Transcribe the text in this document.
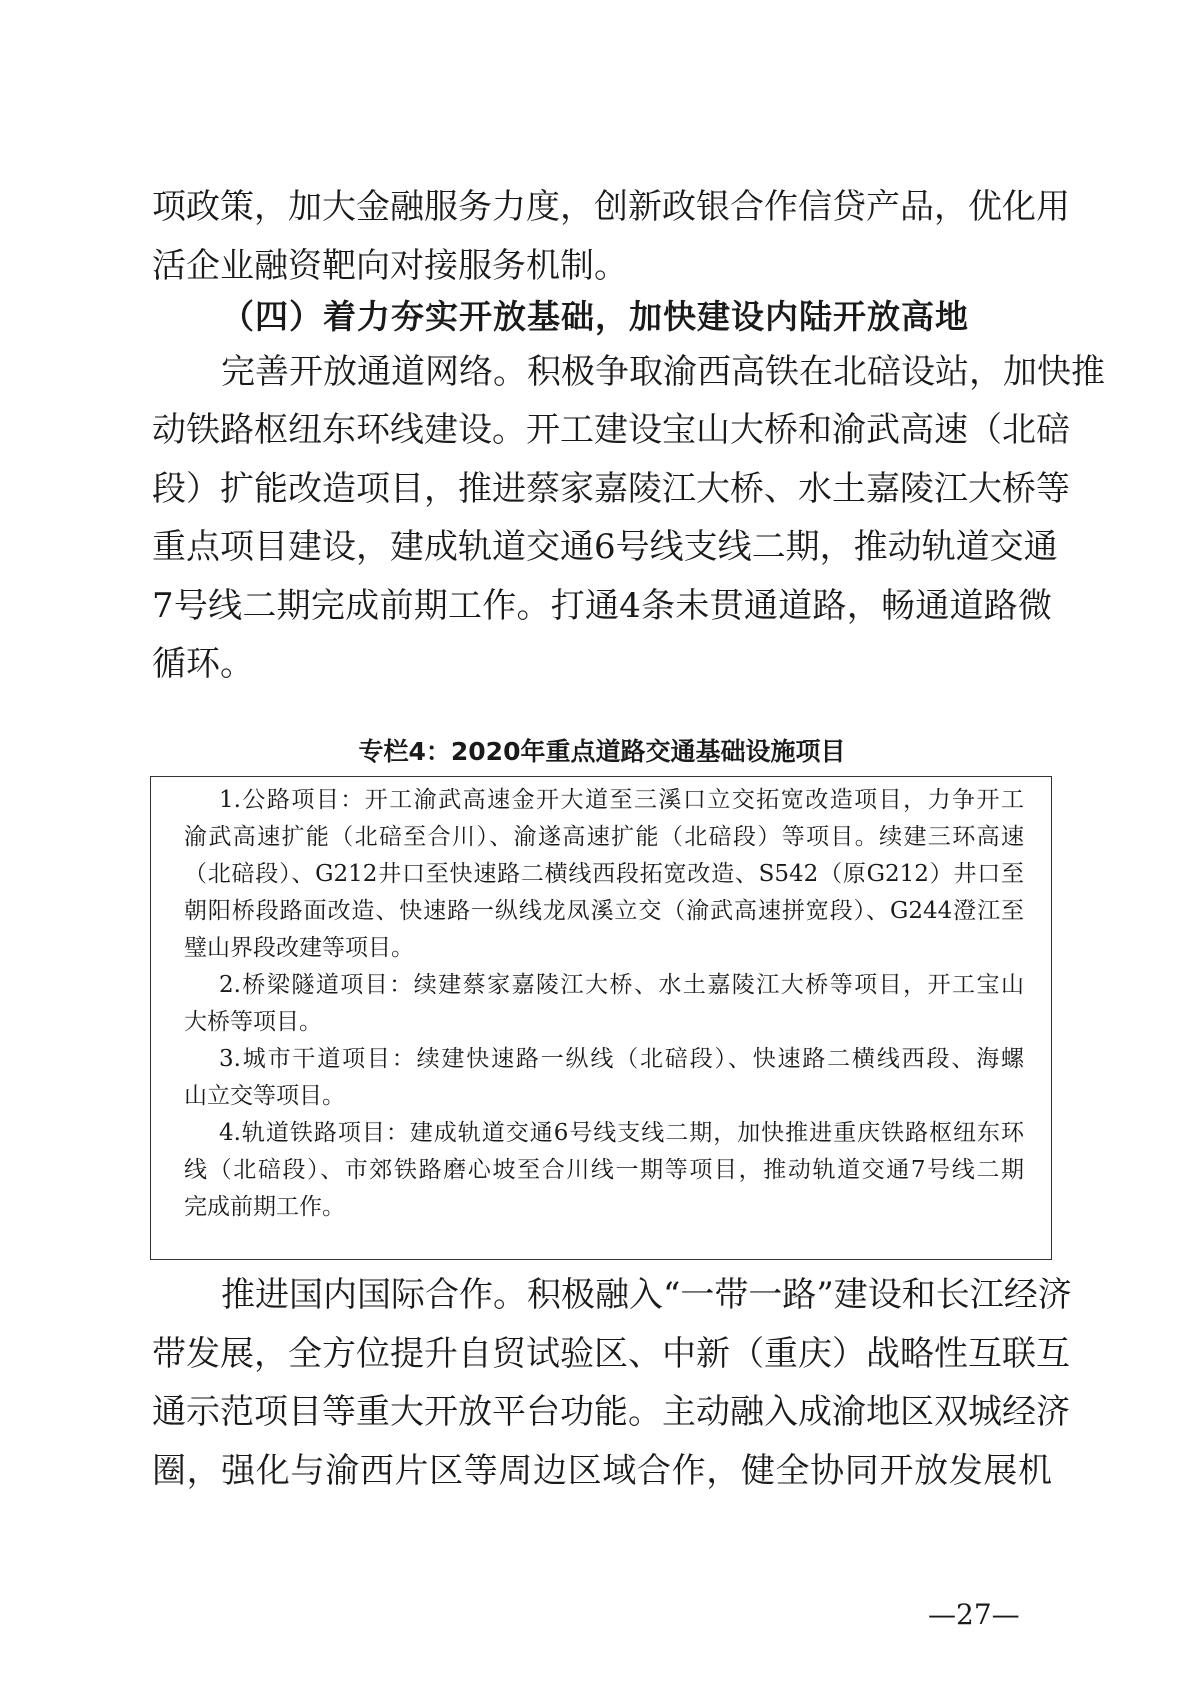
项政策，加大金融服务力度，创新政银合作信贷产品，优化用
活企业融资靶向对接服务机制。
（四）着力夯实开放基础，加快建设内陆开放高地
完善开放通道网络。积极争取渝西高铁在北碚设站，加快推
动铁路枢纽东环线建设。开工建设宝山大桥和渝武高速（北碚
段）扩能改造项目，推进蔡家嘉陵江大桥、水土嘉陵江大桥等
重点项目建设，建成轨道交通6号线支线二期，推动轨道交通
7号线二期完成前期工作。打通4条未贯通道路，畅通道路微
循环。
专栏4：2020年重点道路交通基础设施项目
1.公路项目：开工渝武高速金开大道至三溪口立交拓宽改造项目，力争开工
渝武高速扩能（北碚至合川）、渝遂高速扩能（北碚段）等项目。续建三环高速
（北碚段）、G212井口至快速路二横线西段拓宽改造、S542（原G212）井口至
朝阳桥段路面改造、快速路一纵线龙凤溪立交（渝武高速拼宽段）、G244澄江至
璧山界段改建等项目。
2.桥梁隧道项目：续建蔡家嘉陵江大桥、水土嘉陵江大桥等项目，开工宝山
大桥等项目。
3.城市干道项目：续建快速路一纵线（北碚段）、快速路二横线西段、海螺
山立交等项目。
4.轨道铁路项目：建成轨道交通6号线支线二期，加快推进重庆铁路枢纽东环
线（北碚段）、市郊铁路磨心坡至合川线一期等项目，推动轨道交通7号线二期
完成前期工作。
推进国内国际合作。积极融入“一带一路”建设和长江经济
带发展，全方位提升自贸试验区、中新（重庆）战略性互联互
通示范项目等重大开放平台功能。主动融入成渝地区双城经济
圈，强化与渝西片区等周边区域合作，健全协同开放发展机
—27—
